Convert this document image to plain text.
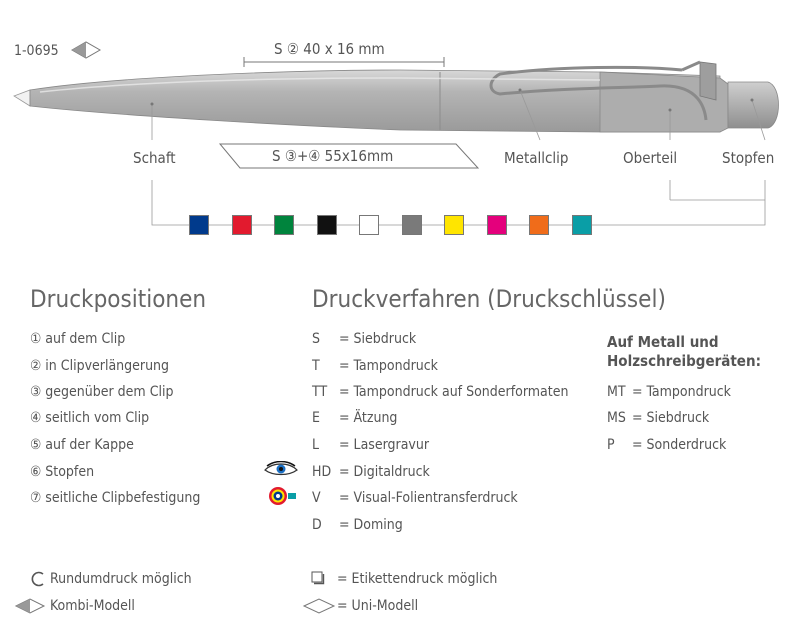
1-0695	S ② 40 x 16 mm
S ③+④ 55x16mm
Schaft	Metallclip	Oberteil	Stopfen
Druckpositionen
① auf dem Clip
② in Clipverlängerung
③ gegenüber dem Clip
④ seitlich vom Clip
⑤ auf der Kappe
⑥ Stopfen
⑦ seitliche Clipbefestigung
Druckverfahren (Druckschlüssel)
S = Siebdruck
T = Tampondruck
TT = Tampondruck auf Sonderformaten
E = Ätzung
L = Lasergravur
HD = Digitaldruck
V = Visual-Folientransferdruck
D = Doming
Auf Metall und
Holzschreibgeräten:
MT = Tampondruck
MS = Siebdruck
P = Sonderdruck
Rundumdruck möglich
Kombi-Modell
= Etikettendruck möglich
= Uni-Modell
